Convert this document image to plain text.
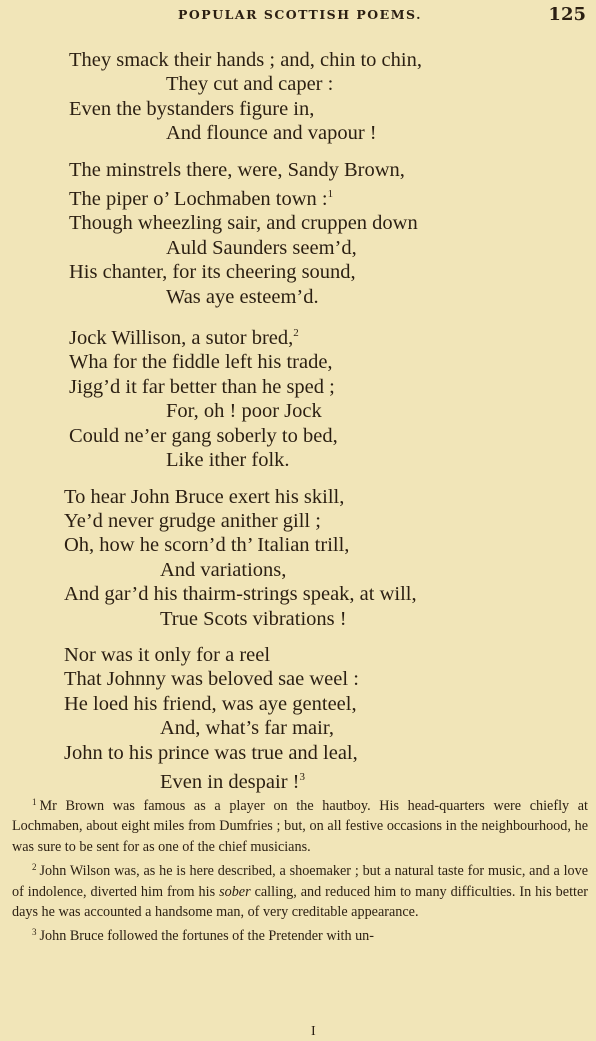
POPULAR SCOTTISH POEMS.	125
They smack their hands ; and, chin to chin,
They cut and caper :
Even the bystanders figure in,
And flounce and vapour !
The minstrels there, were, Sandy Brown,
The piper o’ Lochmaben town :$^1$
Though wheezling sair, and cruppen down
Auld Saunders seem’d,
His chanter, for its cheering sound,
Was aye esteem’d.
Jock Willison, a sutor bred,$^2$
Wha for the fiddle left his trade,
Jigg’d it far better than he sped ;
For, oh ! poor Jock
Could ne’er gang soberly to bed,
Like ither folk.
To hear John Bruce exert his skill,
Ye’d never grudge anither gill ;
Oh, how he scorn’d th’ Italian trill,
And variations,
And gar’d his thairm-strings speak, at will,
True Scots vibrations !
Nor was it only for a reel
That Johnny was beloved sae weel :
He loed his friend, was aye genteel,
And, what’s far mair,
John to his prince was true and leal,
Even in despair !$^3$

$^1$ Mr Brown was famous as a player on the hautboy. His head-quarters were chiefly at Lochmaben, about eight miles from Dumfries ; but, on all festive occasions in the neighbourhood, he was sure to be sent for as one of the chief musicians.

$^2$ John Wilson was, as he is here described, a shoemaker ; but a natural taste for music, and a love of indolence, diverted him from his sober calling, and reduced him to many difficulties. In his better days he was accounted a handsome man, of very creditable appearance.

$^3$ John Bruce followed the fortunes of the Pretender with un-

I
